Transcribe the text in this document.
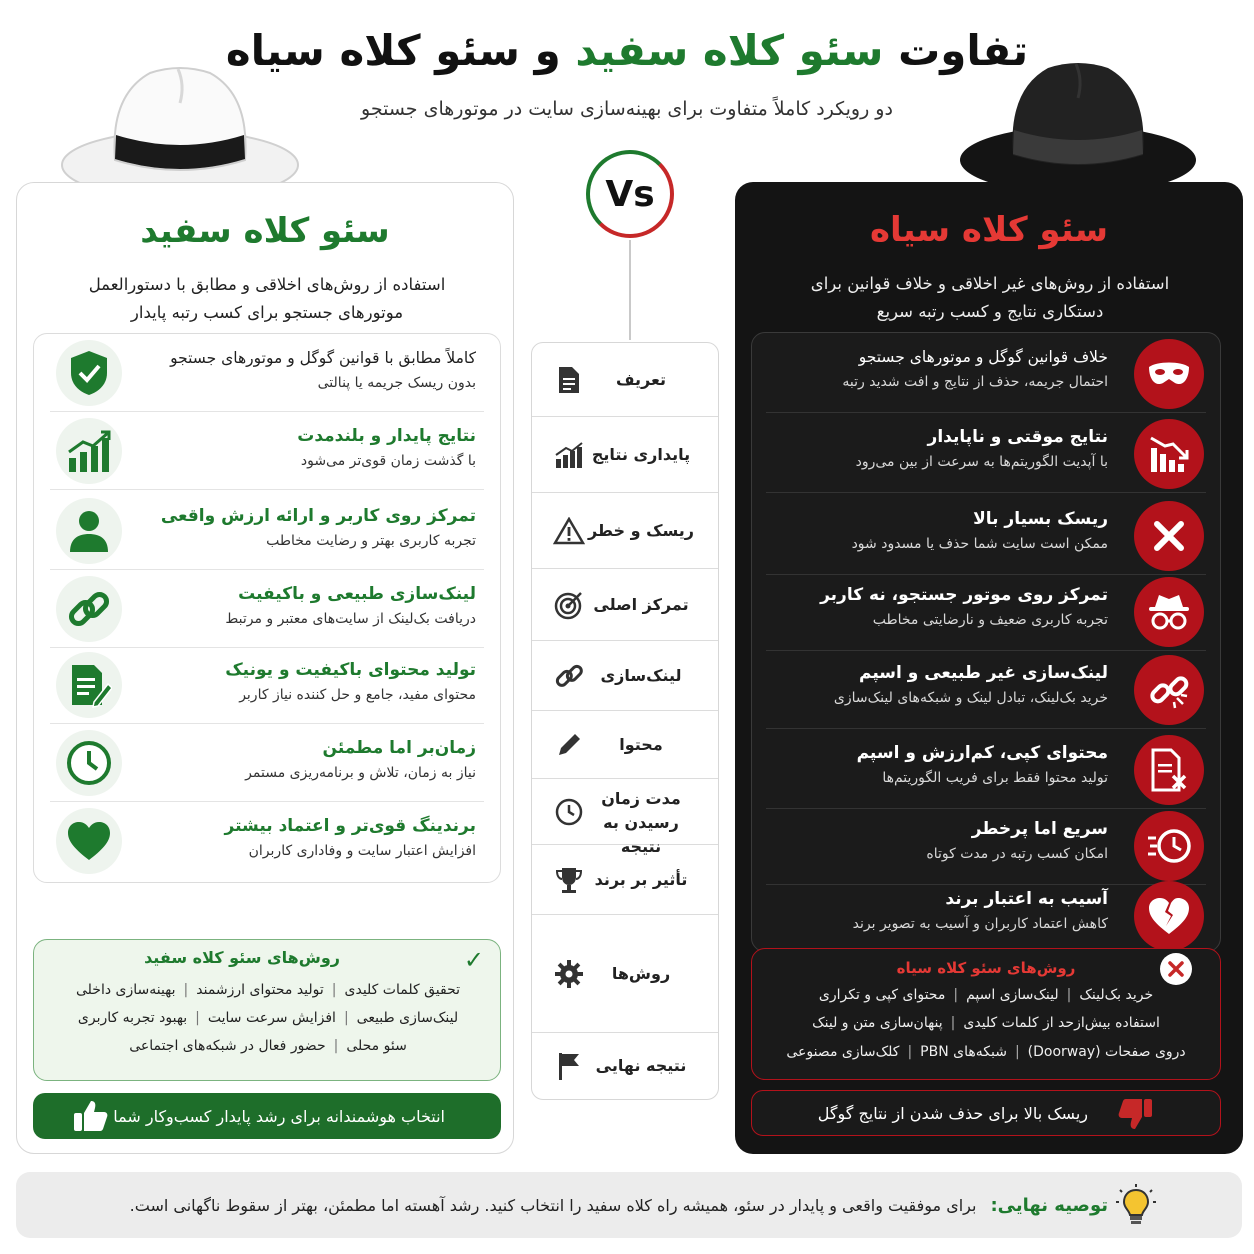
تفاوت سئو کلاه سفید و سئو کلاه سیاه
دو رویکرد کاملاً متفاوت برای بهینه‌سازی سایت در موتورهای جستجو
Vs
سئو کلاه سفید
استفاده از روش‌های اخلاقی و مطابق با دستورالعمل
موتورهای جستجو برای کسب رتبه پایدار
کاملاً مطابق با قوانین گوگل و موتورهای جستجو
بدون ریسک جریمه یا پنالتی
نتایج پایدار و بلندمدت
با گذشت زمان قوی‌تر می‌شود
تمرکز روی کاربر و ارائه ارزش واقعی
تجربه کاربری بهتر و رضایت مخاطب
لینک‌سازی طبیعی و باکیفیت
دریافت بک‌لینک از سایت‌های معتبر و مرتبط
تولید محتوای باکیفیت و یونیک
محتوای مفید، جامع و حل کننده نیاز کاربر
زمان‌بر اما مطمئن
نیاز به زمان، تلاش و برنامه‌ریزی مستمر
برندینگ قوی‌تر و اعتماد بیشتر
افزایش اعتبار سایت و وفاداری کاربران
روش‌های سئو کلاه سفید	✓
تحقیق کلمات کلیدی|تولید محتوای ارزشمند|بهینه‌سازی داخلی
لینک‌سازی طبیعی|افزایش سرعت سایت|بهبود تجربه کاربری
سئو محلی|حضور فعال در شبکه‌های اجتماعی
انتخاب هوشمندانه برای رشد پایدار کسب‌وکار شما
تعریف
پایداری نتایج
ریسک و خطر
تمرکز اصلی
لینک‌سازی
محتوا
مدت زمان رسیدن به نتیجه
تأثیر بر برند
روش‌ها
نتیجه نهایی
سئو کلاه سیاه
استفاده از روش‌های غیر اخلاقی و خلاف قوانین برای
دستکاری نتایج و کسب رتبه سریع
خلاف قوانین گوگل و موتورهای جستجو
احتمال جریمه، حذف از نتایج و افت شدید رتبه
نتایج موقتی و ناپایدار
با آپدیت الگوریتم‌ها به سرعت از بین می‌رود
ریسک بسیار بالا
ممکن است سایت شما حذف یا مسدود شود
تمرکز روی موتور جستجو، نه کاربر
تجربه کاربری ضعیف و نارضایتی مخاطب
لینک‌سازی غیر طبیعی و اسپم
خرید بک‌لینک، تبادل لینک و شبکه‌های لینک‌سازی
محتوای کپی، کم‌ارزش و اسپم
تولید محتوا فقط برای فریب الگوریتم‌ها
سریع اما پرخطر
امکان کسب رتبه در مدت کوتاه
آسیب به اعتبار برند
کاهش اعتماد کاربران و آسیب به تصویر برند
روش‌های سئو کلاه سیاه
خرید بک‌لینک|لینک‌سازی اسپم|محتوای کپی و تکراری
استفاده بیش‌ازحد از کلمات کلیدی|پنهان‌سازی متن و لینک
دروی صفحات (Doorway)|شبکه‌های PBN|کلک‌سازی مصنوعی
ریسک بالا برای حذف شدن از نتایج گوگل
توصیه نهایی:
برای موفقیت واقعی و پایدار در سئو، همیشه راه کلاه سفید را انتخاب کنید. رشد آهسته اما مطمئن، بهتر از سقوط ناگهانی است.
